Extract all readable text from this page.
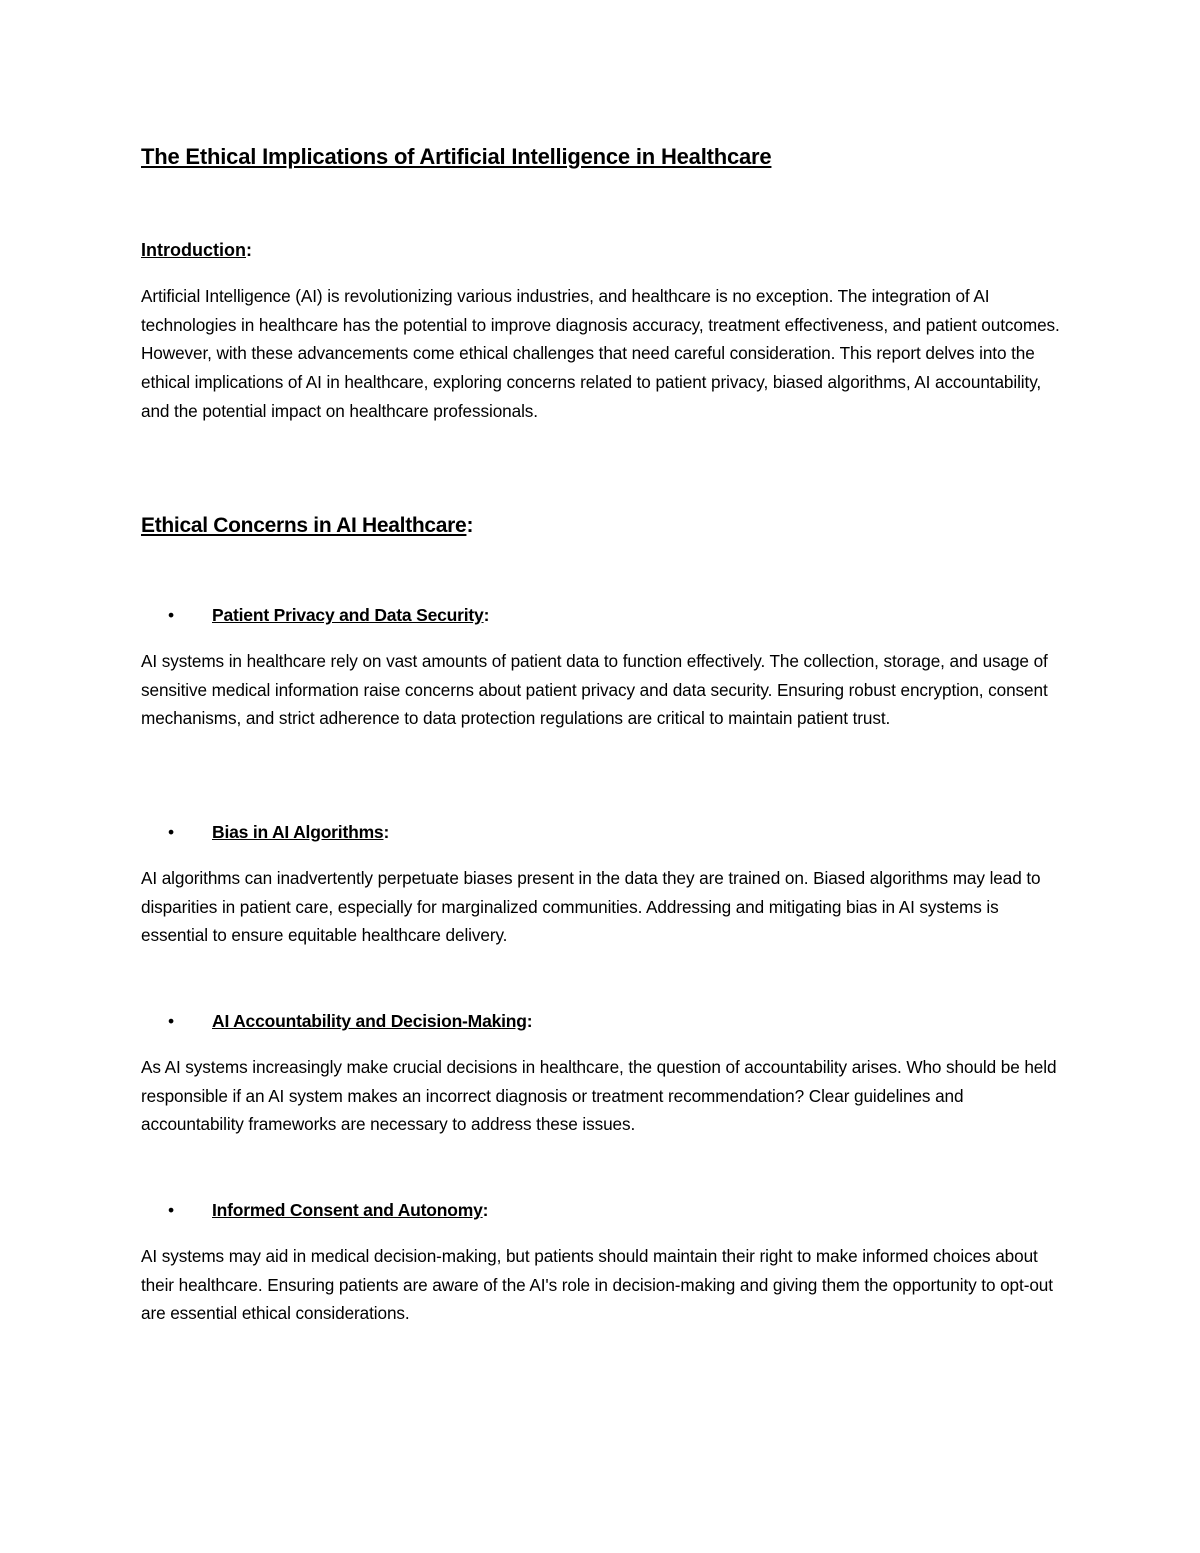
The Ethical Implications of Artificial Intelligence in Healthcare

Introduction:

Artificial Intelligence (AI) is revolutionizing various industries, and healthcare is no exception. The integration of AI technologies in healthcare has the potential to improve diagnosis accuracy, treatment effectiveness, and patient outcomes. However, with these advancements come ethical challenges that need careful consideration. This report delves into the ethical implications of AI in healthcare, exploring concerns related to patient privacy, biased algorithms, AI accountability, and the potential impact on healthcare professionals.

Ethical Concerns in AI Healthcare:

• Patient Privacy and Data Security:

AI systems in healthcare rely on vast amounts of patient data to function effectively. The collection, storage, and usage of sensitive medical information raise concerns about patient privacy and data security. Ensuring robust encryption, consent mechanisms, and strict adherence to data protection regulations are critical to maintain patient trust.

• Bias in AI Algorithms:

AI algorithms can inadvertently perpetuate biases present in the data they are trained on. Biased algorithms may lead to disparities in patient care, especially for marginalized communities. Addressing and mitigating bias in AI systems is essential to ensure equitable healthcare delivery.

• AI Accountability and Decision-Making:

As AI systems increasingly make crucial decisions in healthcare, the question of accountability arises. Who should be held responsible if an AI system makes an incorrect diagnosis or treatment recommendation? Clear guidelines and accountability frameworks are necessary to address these issues.

• Informed Consent and Autonomy:

AI systems may aid in medical decision-making, but patients should maintain their right to make informed choices about their healthcare. Ensuring patients are aware of the AI's role in decision-making and giving them the opportunity to opt-out are essential ethical considerations.
